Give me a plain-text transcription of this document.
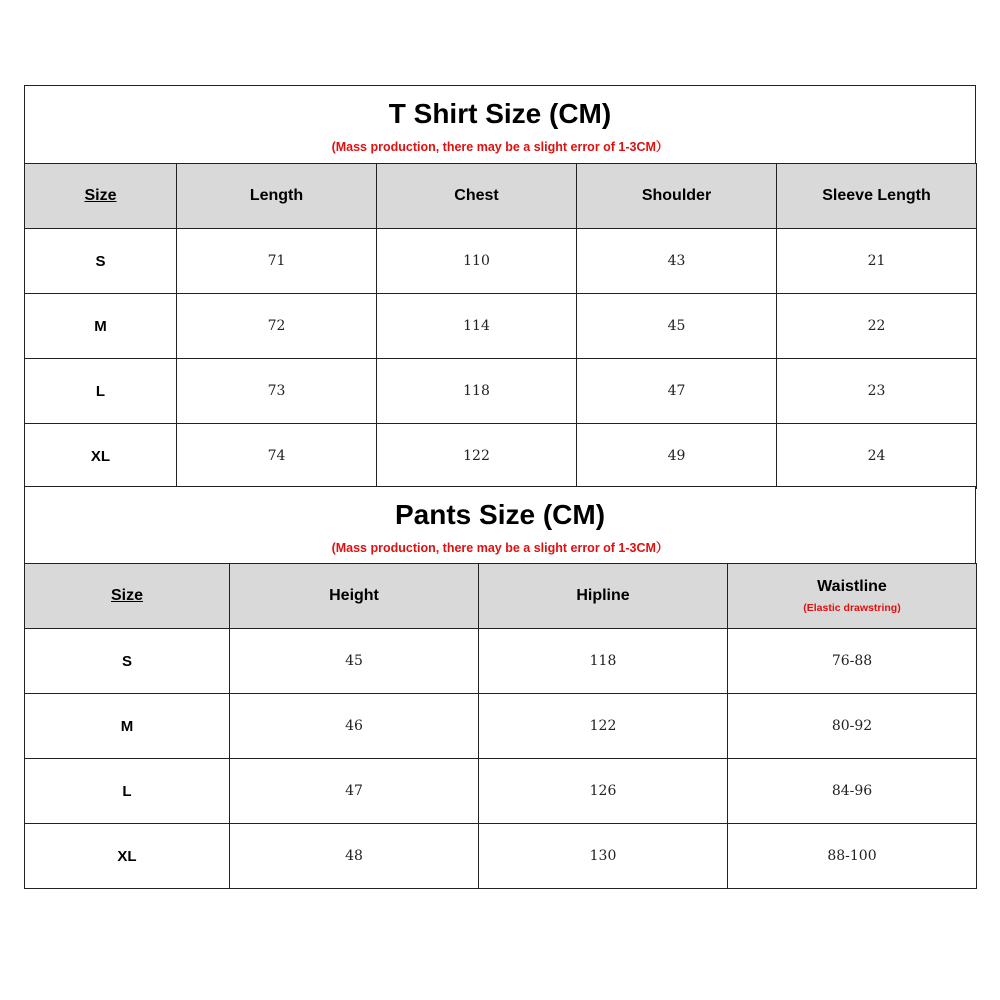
T Shirt Size (CM)
(Mass production, there may be a slight error of 1-3CM）
Size	Length	Chest	Shoulder	Sleeve Length
S	71	110	43	21
M	72	114	45	22
L	73	118	47	23
XL	74	122	49	24
Pants Size (CM)
(Mass production, there may be a slight error of 1-3CM）
Size	Height	Hipline	Waistline
(Elastic drawstring)

S	45	118	76-88
M	46	122	80-92
L	47	126	84-96
XL	48	130	88-100
